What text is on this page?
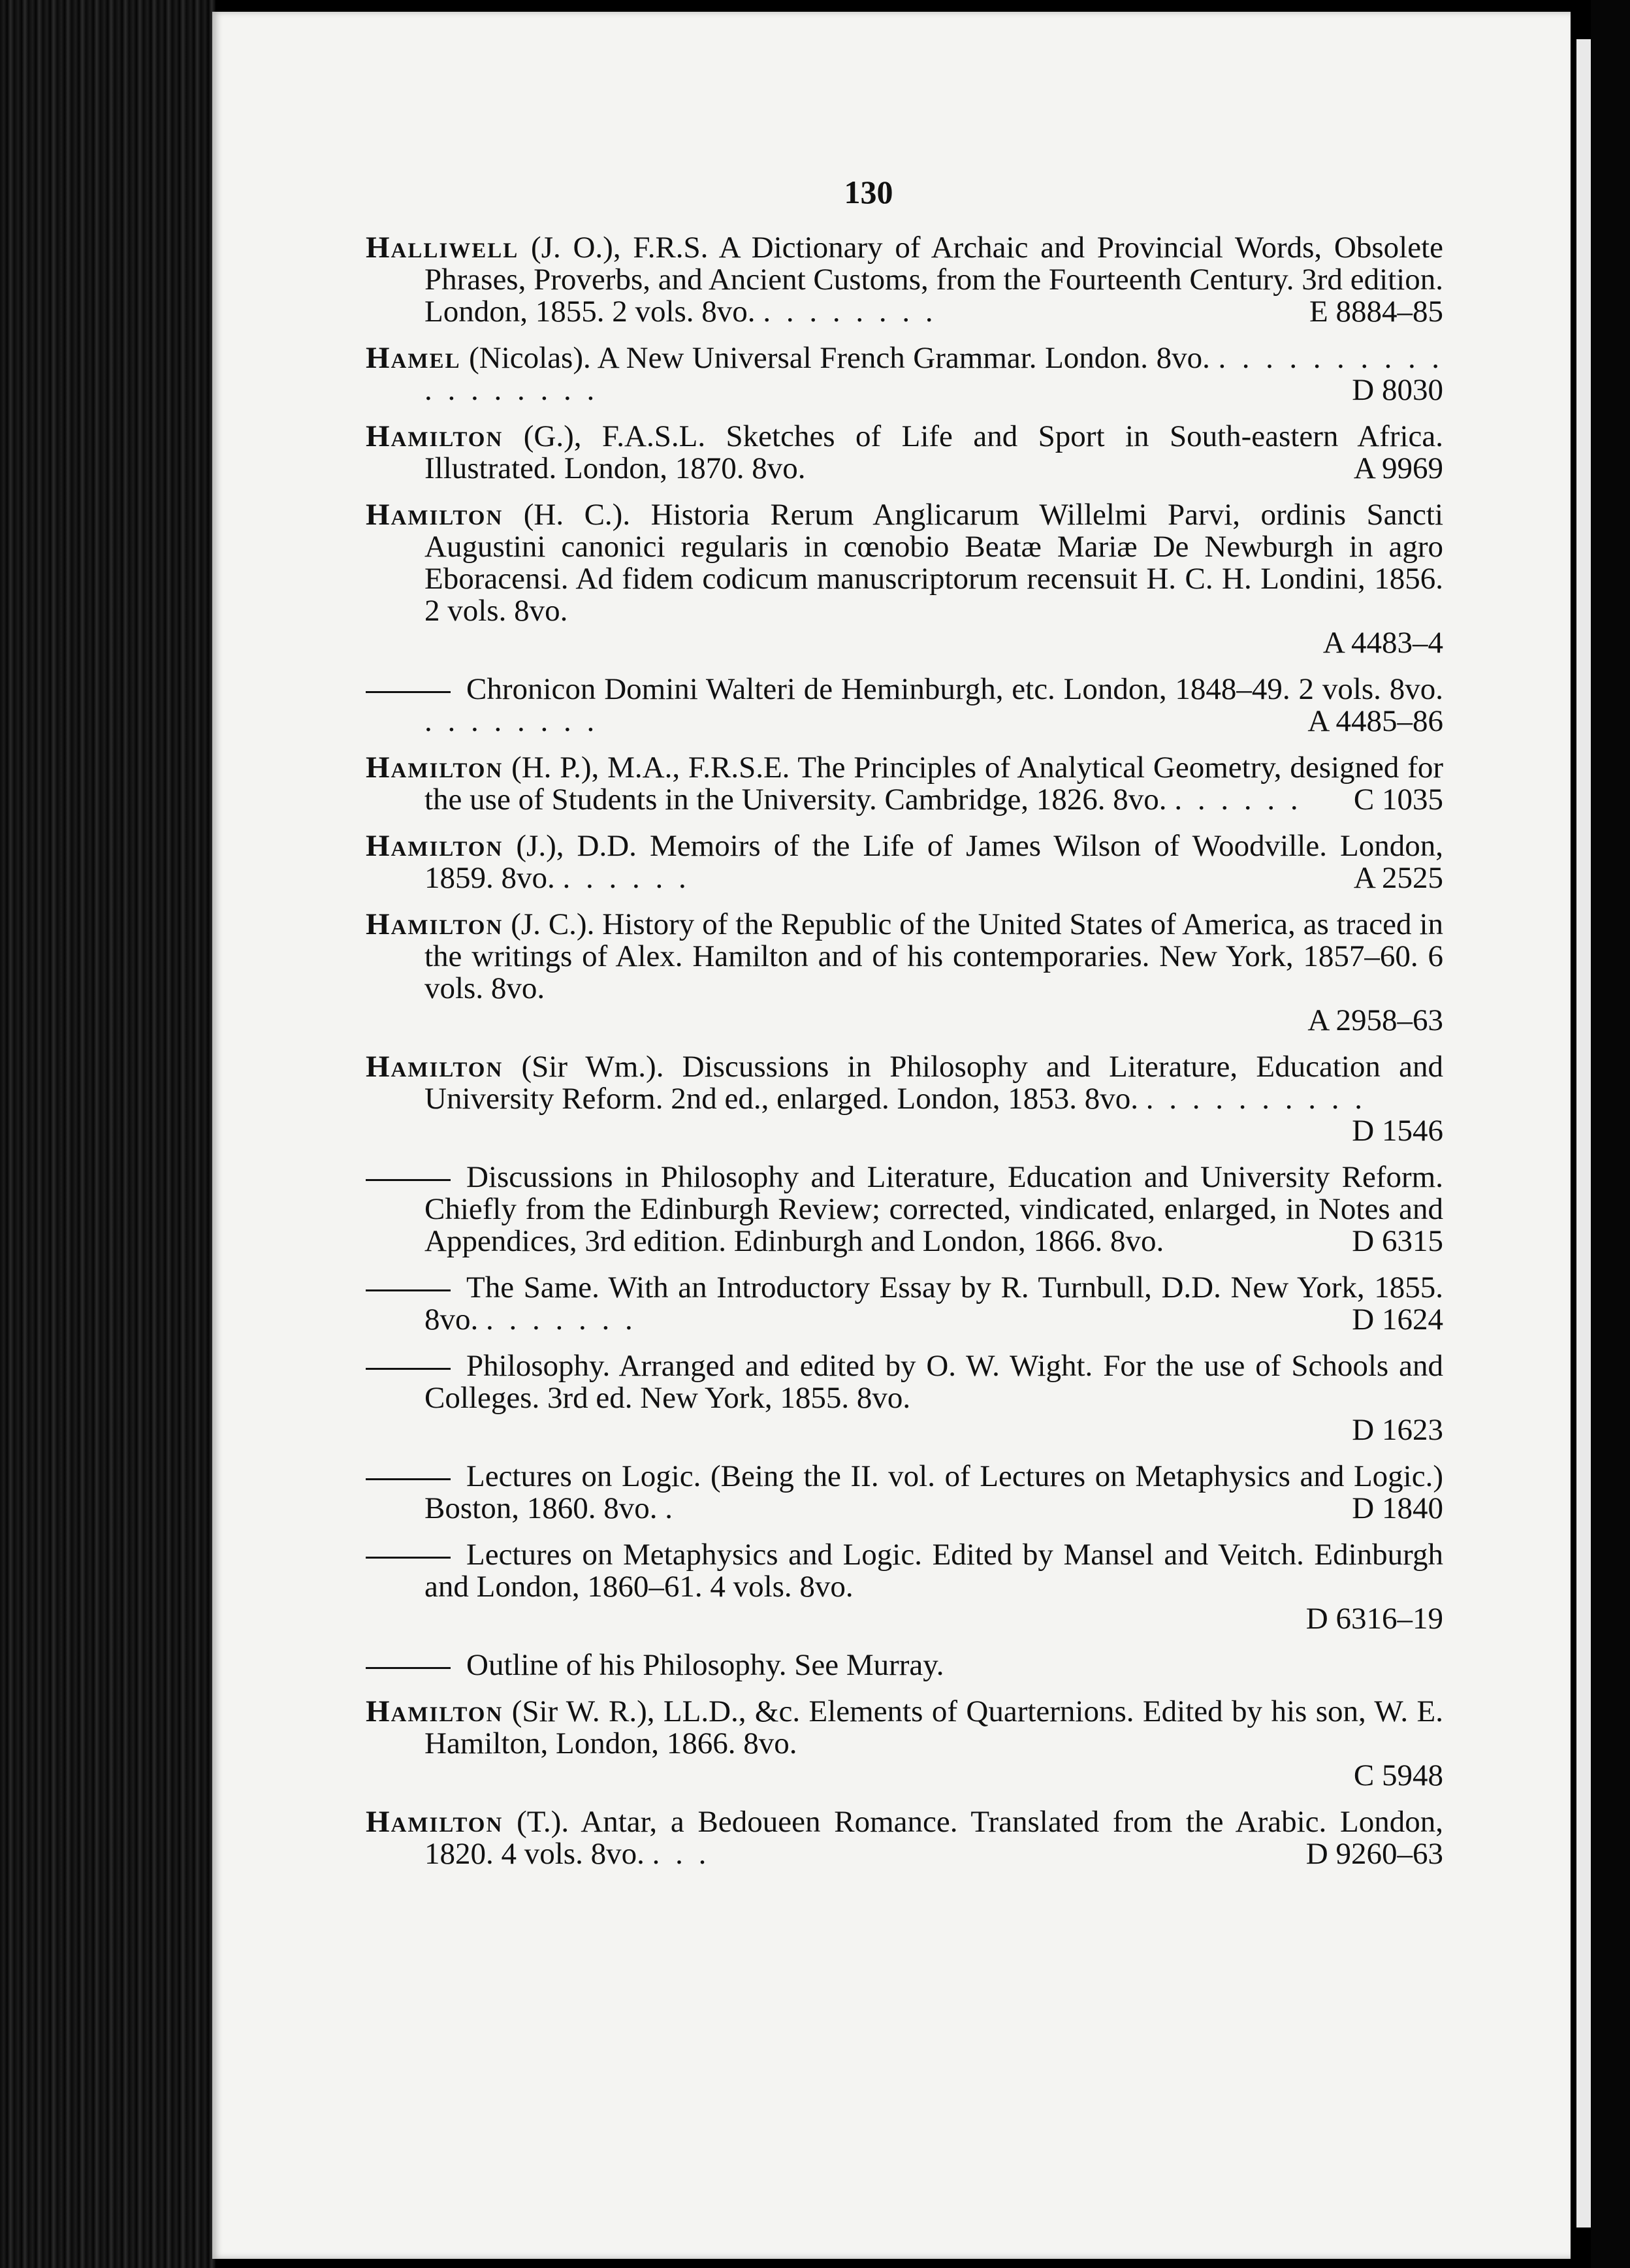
130
Halliwell (J. O.), F.R.S. A Dictionary of Archaic and Provincial Words, Obsolete Phrases, Proverbs, and Ancient Customs, from the Fourteenth Century. 3rd edition. London, 1855. 2 vols. 8vo. . . . . . . . .	E 8884–85
Hamel (Nicolas). A New Universal French Grammar. London. 8vo. . . . . . . . . . . . . . . . . . .	D 8030
Hamilton (G.), F.A.S.L. Sketches of Life and Sport in South-eastern Africa. Illustrated. London, 1870. 8vo.	A 9969
Hamilton (H. C.). Historia Rerum Anglicarum Willelmi Parvi, ordinis Sancti Augustini canonici regularis in cœnobio Beatæ Mariæ De Newburgh in agro Eboracensi. Ad fidem codicum manuscriptorum recensuit H. C. H. Londini, 1856. 2 vols. 8vo.
A 4483–4
Chronicon Domini Walteri de Heminburgh, etc. London, 1848–49. 2 vols. 8vo. . . . . . . . .	A 4485–86
Hamilton (H. P.), M.A., F.R.S.E. The Principles of Analytical Geometry, designed for the use of Students in the University. Cambridge, 1826. 8vo. . . . . . . C 1035
Hamilton (J.), D.D. Memoirs of the Life of James Wilson of Woodville. London, 1859. 8vo. . . . . . .	A 2525
Hamilton (J. C.). History of the Republic of the United States of America, as traced in the writings of Alex. Hamilton and of his contemporaries. New York, 1857–60. 6 vols. 8vo.
A 2958–63
Hamilton (Sir Wm.). Discussions in Philosophy and Literature, Education and University Reform. 2nd ed., enlarged. London, 1853. 8vo. . . . . . . . . . .
D 1546
Discussions in Philosophy and Literature, Education and University Reform. Chiefly from the Edinburgh Review; corrected, vindicated, enlarged, in Notes and Appendices, 3rd edition. Edinburgh and London, 1866. 8vo.	D 6315
The Same. With an Introductory Essay by R. Turnbull, D.D. New York, 1855. 8vo. . . . . . . .	D 1624
Philosophy. Arranged and edited by O. W. Wight. For the use of Schools and Colleges. 3rd ed. New York, 1855. 8vo.
D 1623
Lectures on Logic. (Being the II. vol. of Lectures on Metaphysics and Logic.) Boston, 1860. 8vo. .	D 1840
Lectures on Metaphysics and Logic. Edited by Mansel and Veitch. Edinburgh and London, 1860–61. 4 vols. 8vo.
D 6316–19
Outline of his Philosophy. See Murray.
Hamilton (Sir W. R.), LL.D., &c. Elements of Quarternions. Edited by his son, W. E. Hamilton, London, 1866. 8vo.
C 5948
Hamilton (T.). Antar, a Bedoueen Romance. Translated from the Arabic. London, 1820. 4 vols. 8vo. . . .	D 9260–63
